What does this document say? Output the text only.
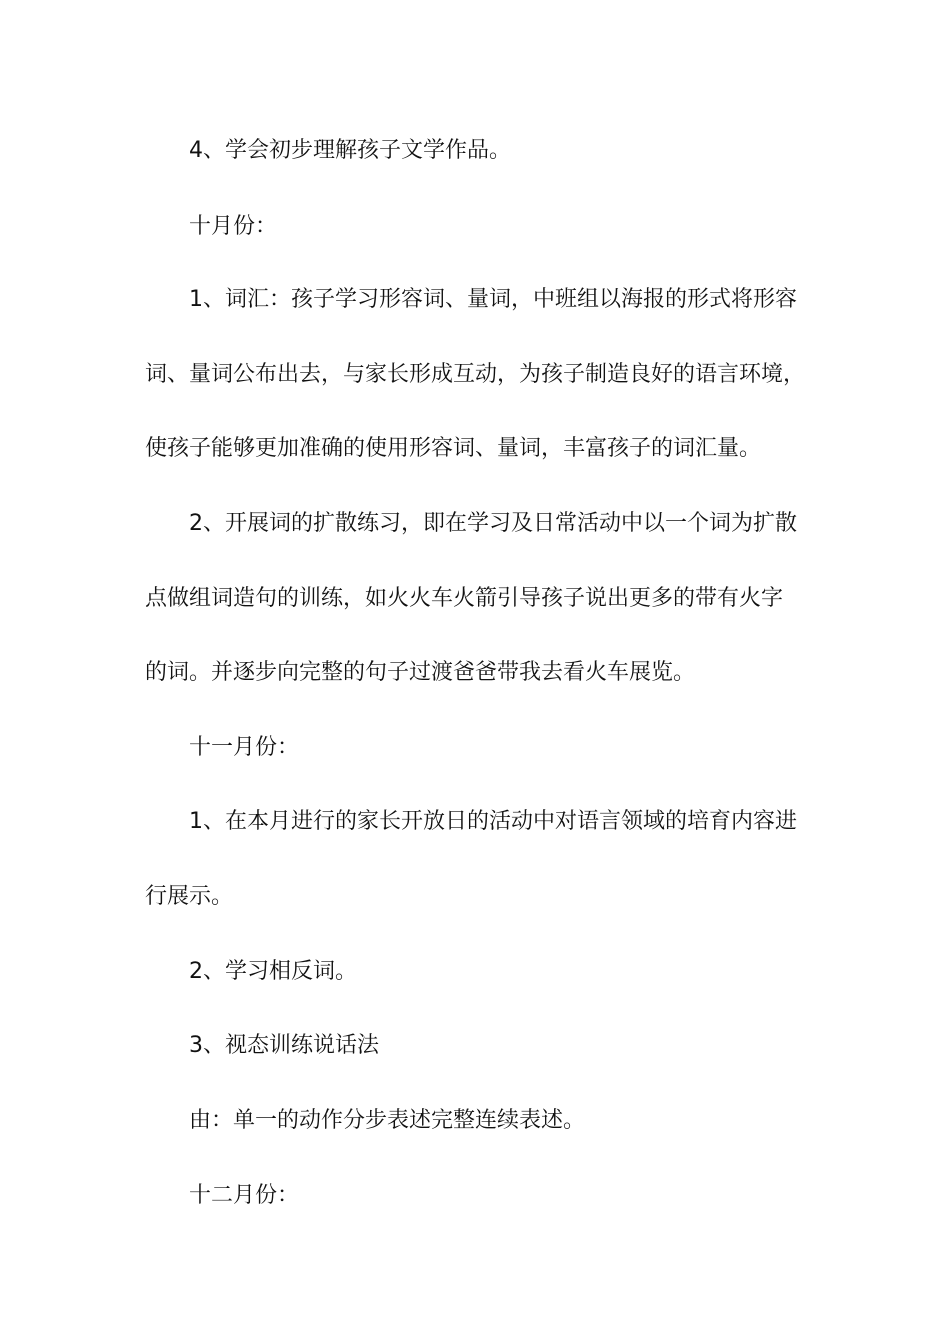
4、学会初步理解孩子文学作品。
十月份：
1、词汇：孩子学习形容词、量词，中班组以海报的形式将形容
词、量词公布出去，与家长形成互动，为孩子制造良好的语言环境，
使孩子能够更加准确的使用形容词、量词，丰富孩子的词汇量。
2、开展词的扩散练习，即在学习及日常活动中以一个词为扩散
点做组词造句的训练，如火火车火箭引导孩子说出更多的带有火字
的词。并逐步向完整的句子过渡爸爸带我去看火车展览。
十一月份：
1、在本月进行的家长开放日的活动中对语言领域的培育内容进
行展示。
2、学习相反词。
3、视态训练说话法
由：单一的动作分步表述完整连续表述。
十二月份：
